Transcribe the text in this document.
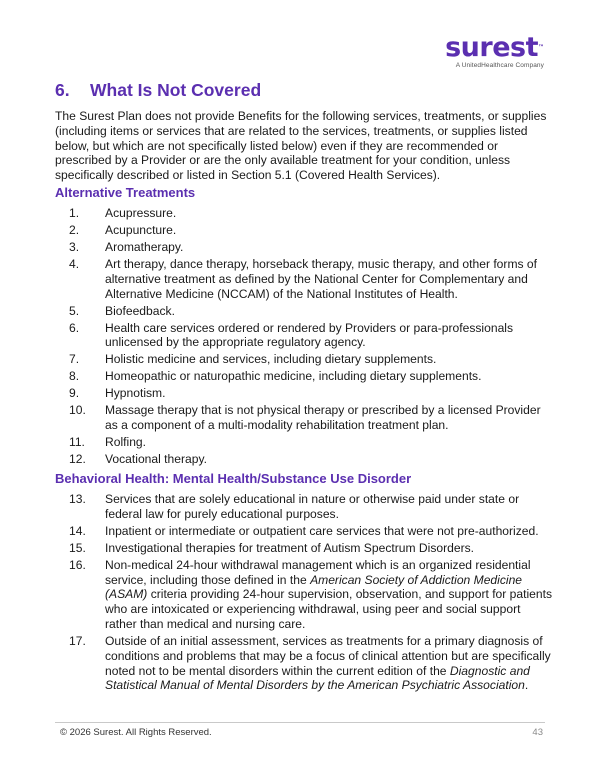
surest™
A UnitedHealthcare Company
6. What Is Not Covered

The Surest Plan does not provide Benefits for the following services, treatments, or supplies (including items or services that are related to the services, treatments, or supplies listed below, but which are not specifically listed below) even if they are recommended or prescribed by a Provider or are the only available treatment for your condition, unless specifically described or listed in Section 5.1 (Covered Health Services).

Alternative Treatments
1.	Acupressure.
2.	Acupuncture.
3.	Aromatherapy.
4.	Art therapy, dance therapy, horseback therapy, music therapy, and other forms of alternative treatment as defined by the National Center for Complementary and Alternative Medicine (NCCAM) of the National Institutes of Health.
5.	Biofeedback.
6.	Health care services ordered or rendered by Providers or para-professionals unlicensed by the appropriate regulatory agency.
7.	Holistic medicine and services, including dietary supplements.
8.	Homeopathic or naturopathic medicine, including dietary supplements.
9.	Hypnotism.
10.	Massage therapy that is not physical therapy or prescribed by a licensed Provider as a component of a multi-modality rehabilitation treatment plan.
11.	Rolfing.
12.	Vocational therapy.
Behavioral Health: Mental Health/Substance Use Disorder
13.	Services that are solely educational in nature or otherwise paid under state or federal law for purely educational purposes.
14.	Inpatient or intermediate or outpatient care services that were not pre-authorized.
15.	Investigational therapies for treatment of Autism Spectrum Disorders.
16.	Non-medical 24-hour withdrawal management which is an organized residential service, including those defined in the American Society of Addiction Medicine (ASAM) criteria providing 24-hour supervision, observation, and support for patients who are intoxicated or experiencing withdrawal, using peer and social support rather than medical and nursing care.
17.	Outside of an initial assessment, services as treatments for a primary diagnosis of conditions and problems that may be a focus of clinical attention but are specifically noted not to be mental disorders within the current edition of the Diagnostic and Statistical Manual of Mental Disorders by the American Psychiatric Association.
© 2026 Surest. All Rights Reserved.	43
